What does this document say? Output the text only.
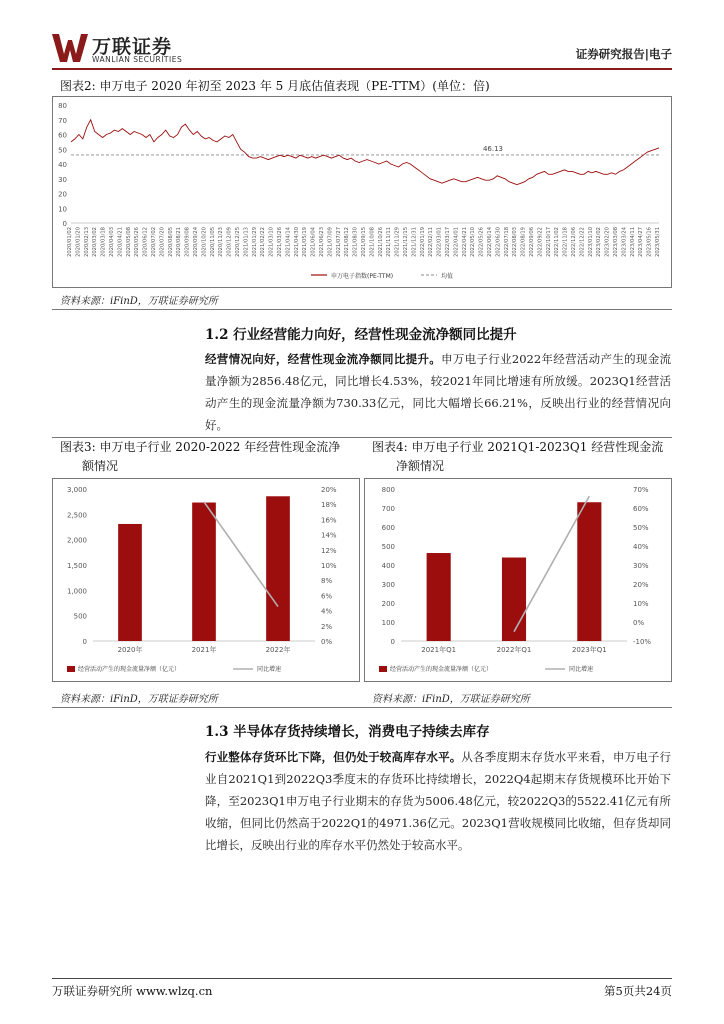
万联证券
WANLIAN SECURITIES	证券研究报告|电子
图表2: 申万电子 2020 年初至 2023 年 5 月底估值表现（PE-TTM）(单位：倍)
0
10
20
30
40
50
60
70
80
46.13
2020/01/02 2020/01/20 2020/02/13 2020/03/02 2020/03/18 2020/04/03 2020/04/21 2020/05/08 2020/05/26 2020/06/12 2020/07/02 2020/07/20 2020/08/05 2020/08/21 2020/09/08 2020/09/24 2020/10/20 2020/11/05 2020/11/23 2020/12/09 2020/12/25 2021/01/13 2021/01/29 2021/02/22 2021/03/10 2021/03/26 2021/04/14 2021/04/30 2021/05/19 2021/06/04 2021/06/23 2021/07/09 2021/07/27 2021/08/12 2021/08/30 2021/09/15 2021/10/08 2021/10/26 2021/11/11 2021/11/29 2021/12/15 2021/12/31 2022/01/19 2022/02/11 2022/03/01 2022/03/17 2022/04/01 2022/04/21 2022/05/10 2022/05/26 2022/06/14 2022/06/30 2022/07/18 2022/08/03 2022/08/19 2022/09/06 2022/09/22 2022/10/17 2022/11/02 2022/11/18 2022/12/06 2022/12/22 2023/01/10 2023/02/02 2023/02/20 2023/03/08 2023/03/24 2023/04/11 2023/04/27 2023/05/16 2023/05/31
申万电子指数(PE-TTM)	均值
资料来源：iFinD，万联证券研究所
1.2 行业经营能力向好，经营性现金流净额同比提升
经营情况向好，经营性现金流净额同比提升。申万电子行业2022年经营活动产生的现金流量净额为2856.48亿元，同比增长4.53%，较2021年同比增速有所放缓。2023Q1经营活动产生的现金流量净额为730.33亿元，同比大幅增长66.21%，反映出行业的经营情况向好。
图表3: 申万电子行业 2020-2022 年经营性现金流净
额情况
图表4: 申万电子行业 2021Q1-2023Q1 经营性现金流
净额情况
0
500
1,000
1,500
2,000
2,500
3,000
0%
2%
4%
6%
8%
10%
12%
14%
16%
18%
20%
2020年	2021年	2022年
经营活动产生的现金流量净额（亿元）	同比增速
0
100
200
300
400
500
600
700
800
-10%
0%
10%
20%
30%
40%
50%
60%
70%
2021年Q1	2022年Q1	2023年Q1
经营活动产生的现金流量净额（亿元）	同比增速
资料来源：iFinD，万联证券研究所	资料来源：iFinD，万联证券研究所
1.3 半导体存货持续增长，消费电子持续去库存
行业整体存货环比下降，但仍处于较高库存水平。从各季度期末存货水平来看，申万电子行业自2021Q1到2022Q3季度末的存货环比持续增长，2022Q4起期末存货规模环比开始下降，至2023Q1申万电子行业期末的存货为5006.48亿元，较2022Q3的5522.41亿元有所收缩，但同比仍然高于2022Q1的4971.36亿元。2023Q1营收规模同比收缩，但存货却同比增长，反映出行业的库存水平仍然处于较高水平。
万联证券研究所 www.wlzq.cn	第5页共24页
